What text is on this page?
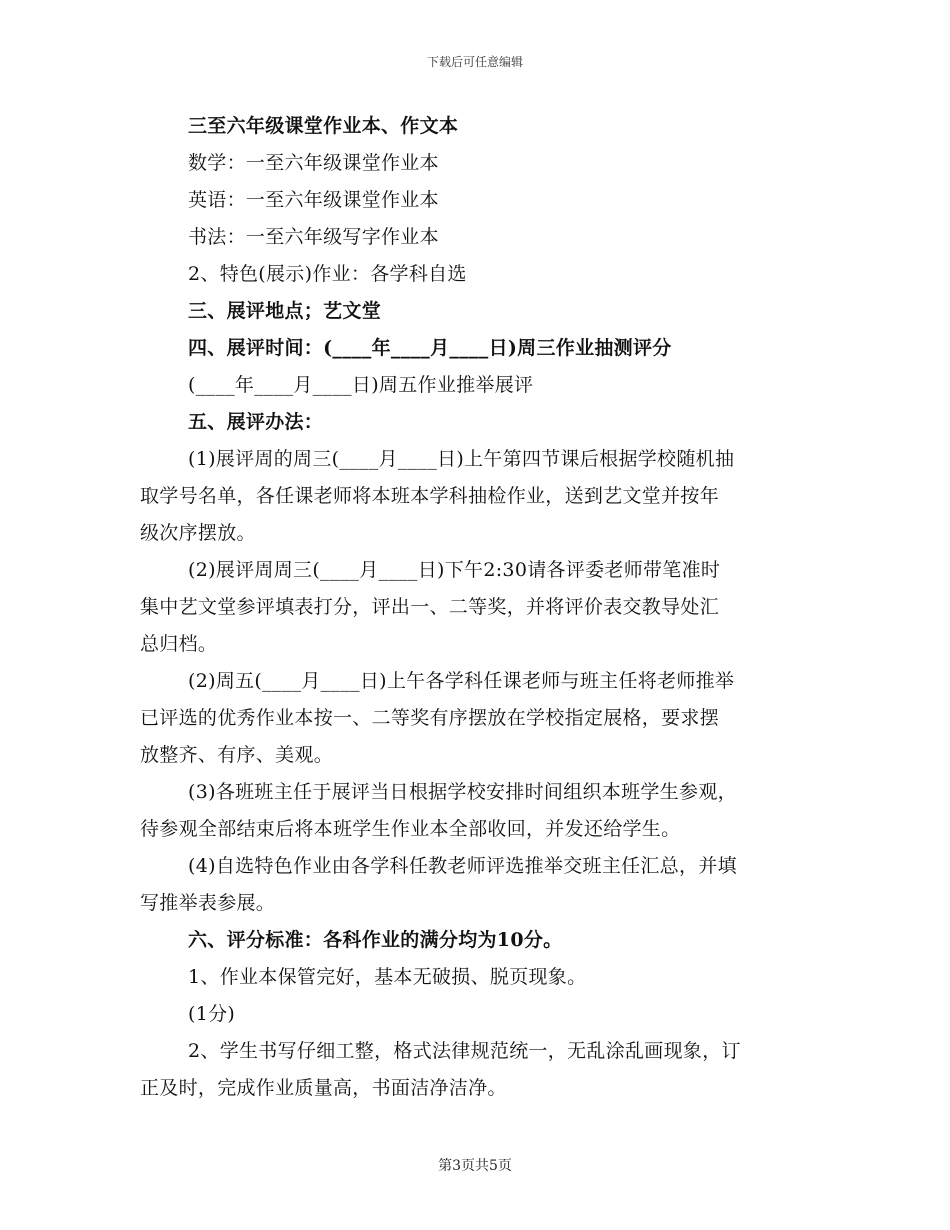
下载后可任意编辑
三至六年级课堂作业本、作文本
数学：一至六年级课堂作业本
英语：一至六年级课堂作业本
书法：一至六年级写字作业本
2、特色(展示)作业：各学科自选
三、展评地点；艺文堂
四、展评时间：(____年____月____日)周三作业抽测评分
(____年____月____日)周五作业推举展评
五、展评办法：
(1)展评周的周三(____月____日)上午第四节课后根据学校随机抽
取学号名单，各任课老师将本班本学科抽检作业，送到艺文堂并按年
级次序摆放。
(2)展评周周三(____月____日)下午2:30请各评委老师带笔准时
集中艺文堂参评填表打分，评出一、二等奖，并将评价表交教导处汇
总归档。
(2)周五(____月____日)上午各学科任课老师与班主任将老师推举
已评选的优秀作业本按一、二等奖有序摆放在学校指定展格，要求摆
放整齐、有序、美观。
(3)各班班主任于展评当日根据学校安排时间组织本班学生参观，
待参观全部结束后将本班学生作业本全部收回，并发还给学生。
(4)自选特色作业由各学科任教老师评选推举交班主任汇总，并填
写推举表参展。
六、评分标准：各科作业的满分均为10分。
1、作业本保管完好，基本无破损、脱页现象。
(1分)
2、学生书写仔细工整，格式法律规范统一，无乱涂乱画现象，订
正及时，完成作业质量高，书面洁净洁净。
第3页共5页
